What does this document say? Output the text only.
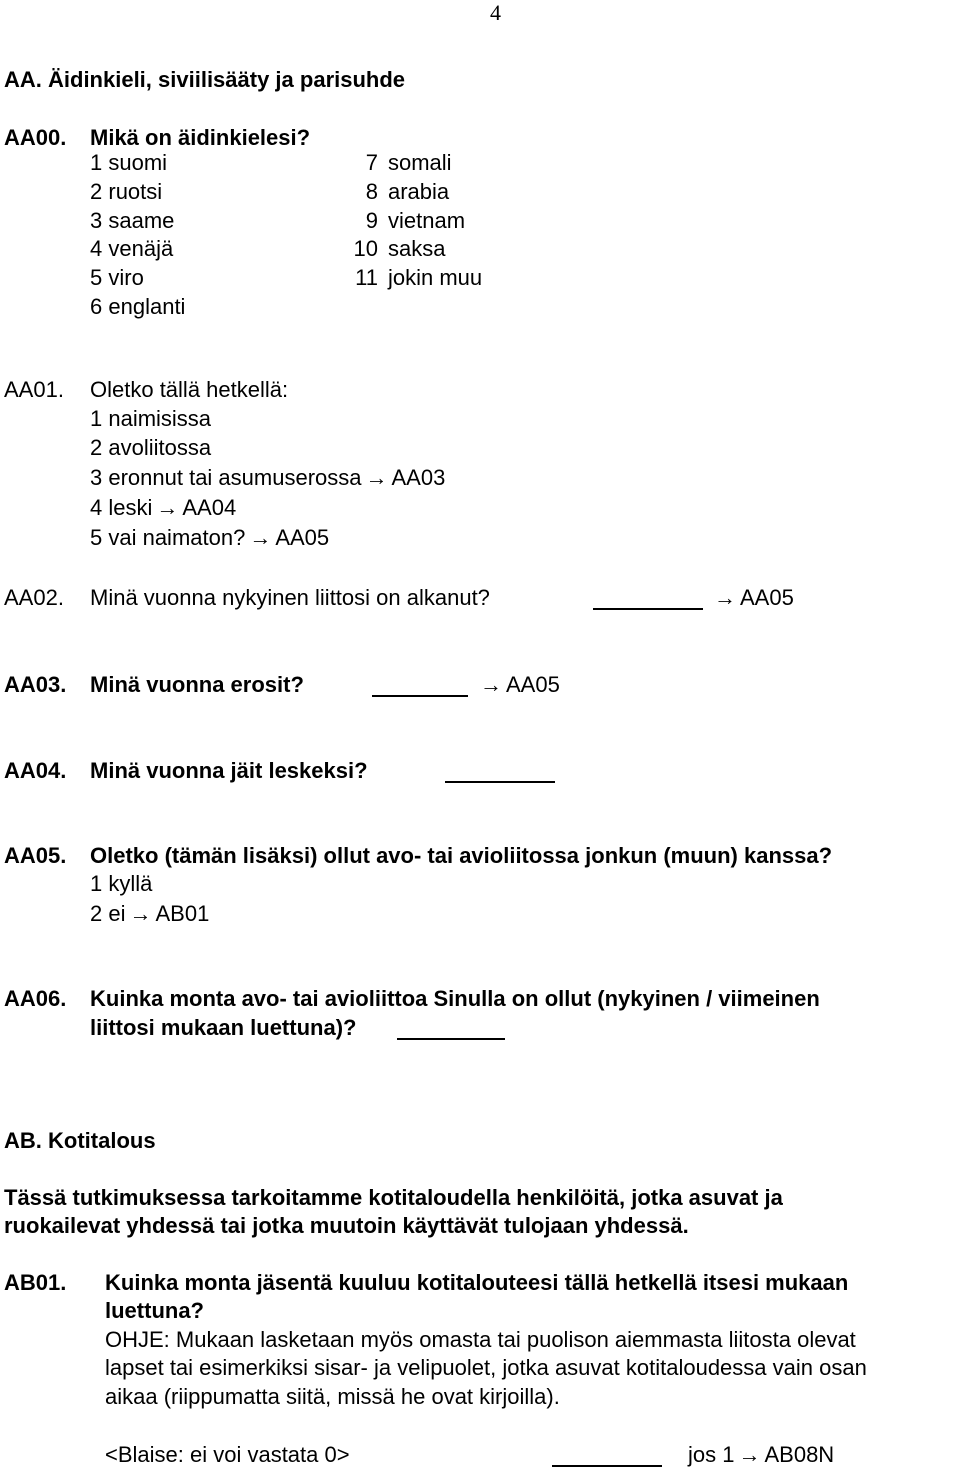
4
AA. Äidinkieli, siviilisääty ja parisuhde
AA00. Mikä on äidinkielesi?
1 suomi
2 ruotsi
3 saame
4 venäjä
5 viro
6 englanti
7 somali
8 arabia
9 vietnam
10 saksa
11 jokin muu
AA01. Oletko tällä hetkellä:
1 naimisissa
2 avoliitossa
3 eronnut tai asumuserossa → AA03
4 leski → AA04
5 vai naimaton? → AA05
AA02. Minä vuonna nykyinen liittosi on alkanut?	→ AA05
AA03. Minä vuonna erosit?	→ AA05
AA04. Minä vuonna jäit leskeksi?
AA05. Oletko (tämän lisäksi) ollut avo- tai avioliitossa jonkun (muun) kanssa?
1 kyllä
2 ei → AB01
AA06. Kuinka monta avo- tai avioliittoa Sinulla on ollut (nykyinen / viimeinen
liittosi mukaan luettuna)?
AB. Kotitalous
Tässä tutkimuksessa tarkoitamme kotitaloudella henkilöitä, jotka asuvat ja
ruokailevat yhdessä tai jotka muutoin käyttävät tulojaan yhdessä.
AB01. Kuinka monta jäsentä kuuluu kotitalouteesi tällä hetkellä itsesi mukaan
luettuna?
OHJE: Mukaan lasketaan myös omasta tai puolison aiemmasta liitosta olevat
lapset tai esimerkiksi sisar- ja velipuolet, jotka asuvat kotitaloudessa vain osan
aikaa (riippumatta siitä, missä he ovat kirjoilla).
<Blaise: ei voi vastata 0>	jos 1 → AB08N
